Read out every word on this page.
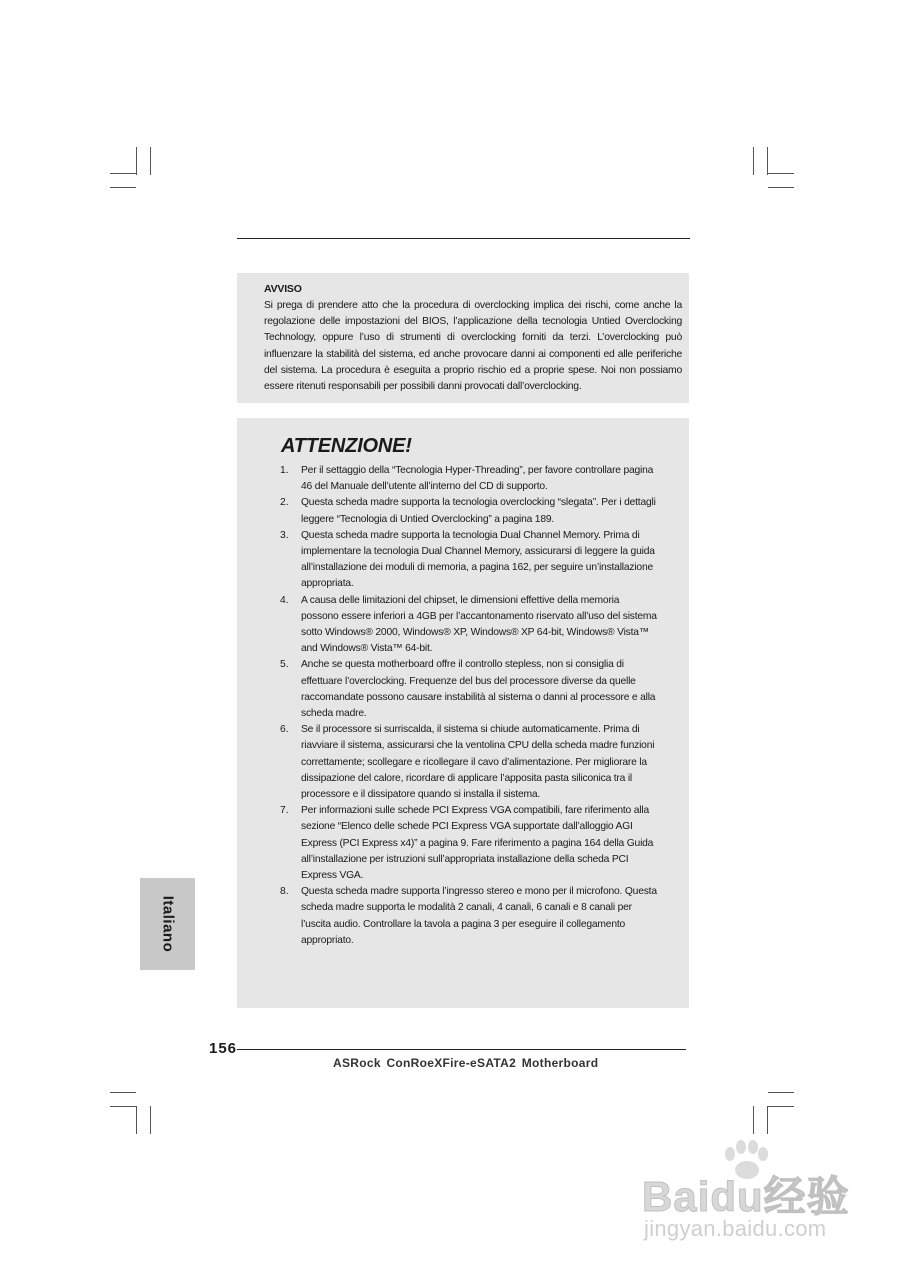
AVVISO
Si prega di prendere atto che la procedura di overclocking implica dei rischi, come anche la regolazione delle impostazioni del BIOS, l’applicazione della tecnologia Untied Overclocking Technology, oppure l’uso di strumenti di overclocking forniti da terzi. L’overclocking può influenzare la stabilità del sistema, ed anche provocare danni ai componenti ed alle periferiche del sistema. La procedura è eseguita a proprio rischio ed a proprie spese. Noi non possiamo essere ritenuti responsabili per possibili danni provocati dall’overclocking.
ATTENZIONE!
1. Per il settaggio della “Tecnologia Hyper-Threading”, per favore controllare pagina 46 del Manuale dell’utente all’interno del CD di supporto.
2. Questa scheda madre supporta la tecnologia overclocking “slegata”. Per i dettagli leggere “Tecnologia di Untied Overclocking” a pagina 189.
3. Questa scheda madre supporta la tecnologia Dual Channel Memory. Prima di implementare la tecnologia Dual Channel Memory, assicurarsi di leggere la guida all’installazione dei moduli di memoria, a pagina 162, per seguire un’installazione appropriata.
4. A causa delle limitazioni del chipset, le dimensioni effettive della memoria possono essere inferiori a 4GB per l’accantonamento riservato all’uso del sistema sotto Windows® 2000, Windows® XP, Windows® XP 64-bit, Windows® Vista™ and Windows® Vista™ 64-bit.
5. Anche se questa motherboard offre il controllo stepless, non si consiglia di effettuare l’overclocking. Frequenze del bus del processore diverse da quelle raccomandate possono causare instabilità al sistema o danni al processore e alla scheda madre.
6. Se il processore si surriscalda, il sistema si chiude automaticamente. Prima di riavviare il sistema, assicurarsi che la ventolina CPU della scheda madre funzioni correttamente; scollegare e ricollegare il cavo d’alimentazione. Per migliorare la dissipazione del calore, ricordare di applicare l’apposita pasta siliconica tra il processore e il dissipatore quando si installa il sistema.
7. Per informazioni sulle schede PCI Express VGA compatibili, fare riferimento alla sezione “Elenco delle schede PCI Express VGA supportate dall’alloggio AGI Express (PCI Express x4)” a pagina 9. Fare riferimento a pagina 164 della Guida all’installazione per istruzioni sull’appropriata installazione della scheda PCI Express VGA.
8. Questa scheda madre supporta l’ingresso stereo e mono per il microfono. Questa scheda madre supporta le modalità 2 canali, 4 canali, 6 canali e 8 canali per l’uscita audio. Controllare la tavola a pagina 3 per eseguire il collegamento appropriato.
Italiano
156
ASRock ConRoeXFire-eSATA2 Motherboard
Baidu经验
jingyan.baidu.com
